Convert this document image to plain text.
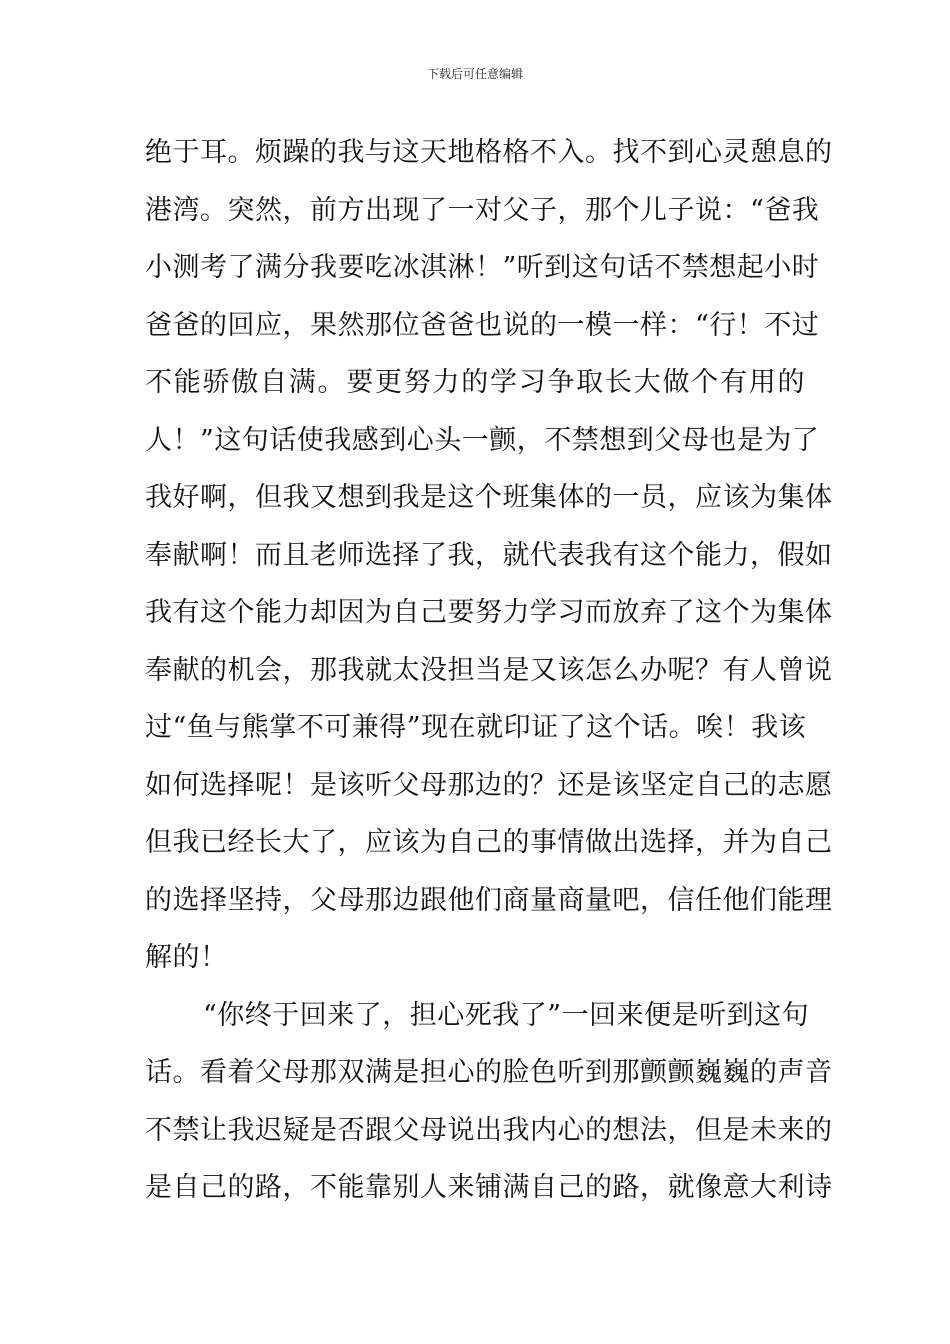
下载后可任意编辑
绝于耳。烦躁的我与这天地格格不入。找不到心灵憩息的
港湾。突然，前方出现了一对父子，那个儿子说：“爸我
小测考了满分我要吃冰淇淋！”听到这句话不禁想起小时
爸爸的回应，果然那位爸爸也说的一模一样：“行！不过
不能骄傲自满。要更努力的学习争取长大做个有用的
人！”这句话使我感到心头一颤，不禁想到父母也是为了
我好啊，但我又想到我是这个班集体的一员，应该为集体
奉献啊！而且老师选择了我，就代表我有这个能力，假如
我有这个能力却因为自己要努力学习而放弃了这个为集体
奉献的机会，那我就太没担当是又该怎么办呢？有人曾说
过“鱼与熊掌不可兼得”现在就印证了这个话。唉！我该
如何选择呢！是该听父母那边的？还是该坚定自己的志愿
但我已经长大了，应该为自己的事情做出选择，并为自己
的选择坚持，父母那边跟他们商量商量吧，信任他们能理
解的！
“你终于回来了，担心死我了”一回来便是听到这句
话。看着父母那双满是担心的脸色听到那颤颤巍巍的声音
不禁让我迟疑是否跟父母说出我内心的想法，但是未来的
是自己的路，不能靠别人来铺满自己的路，就像意大利诗
